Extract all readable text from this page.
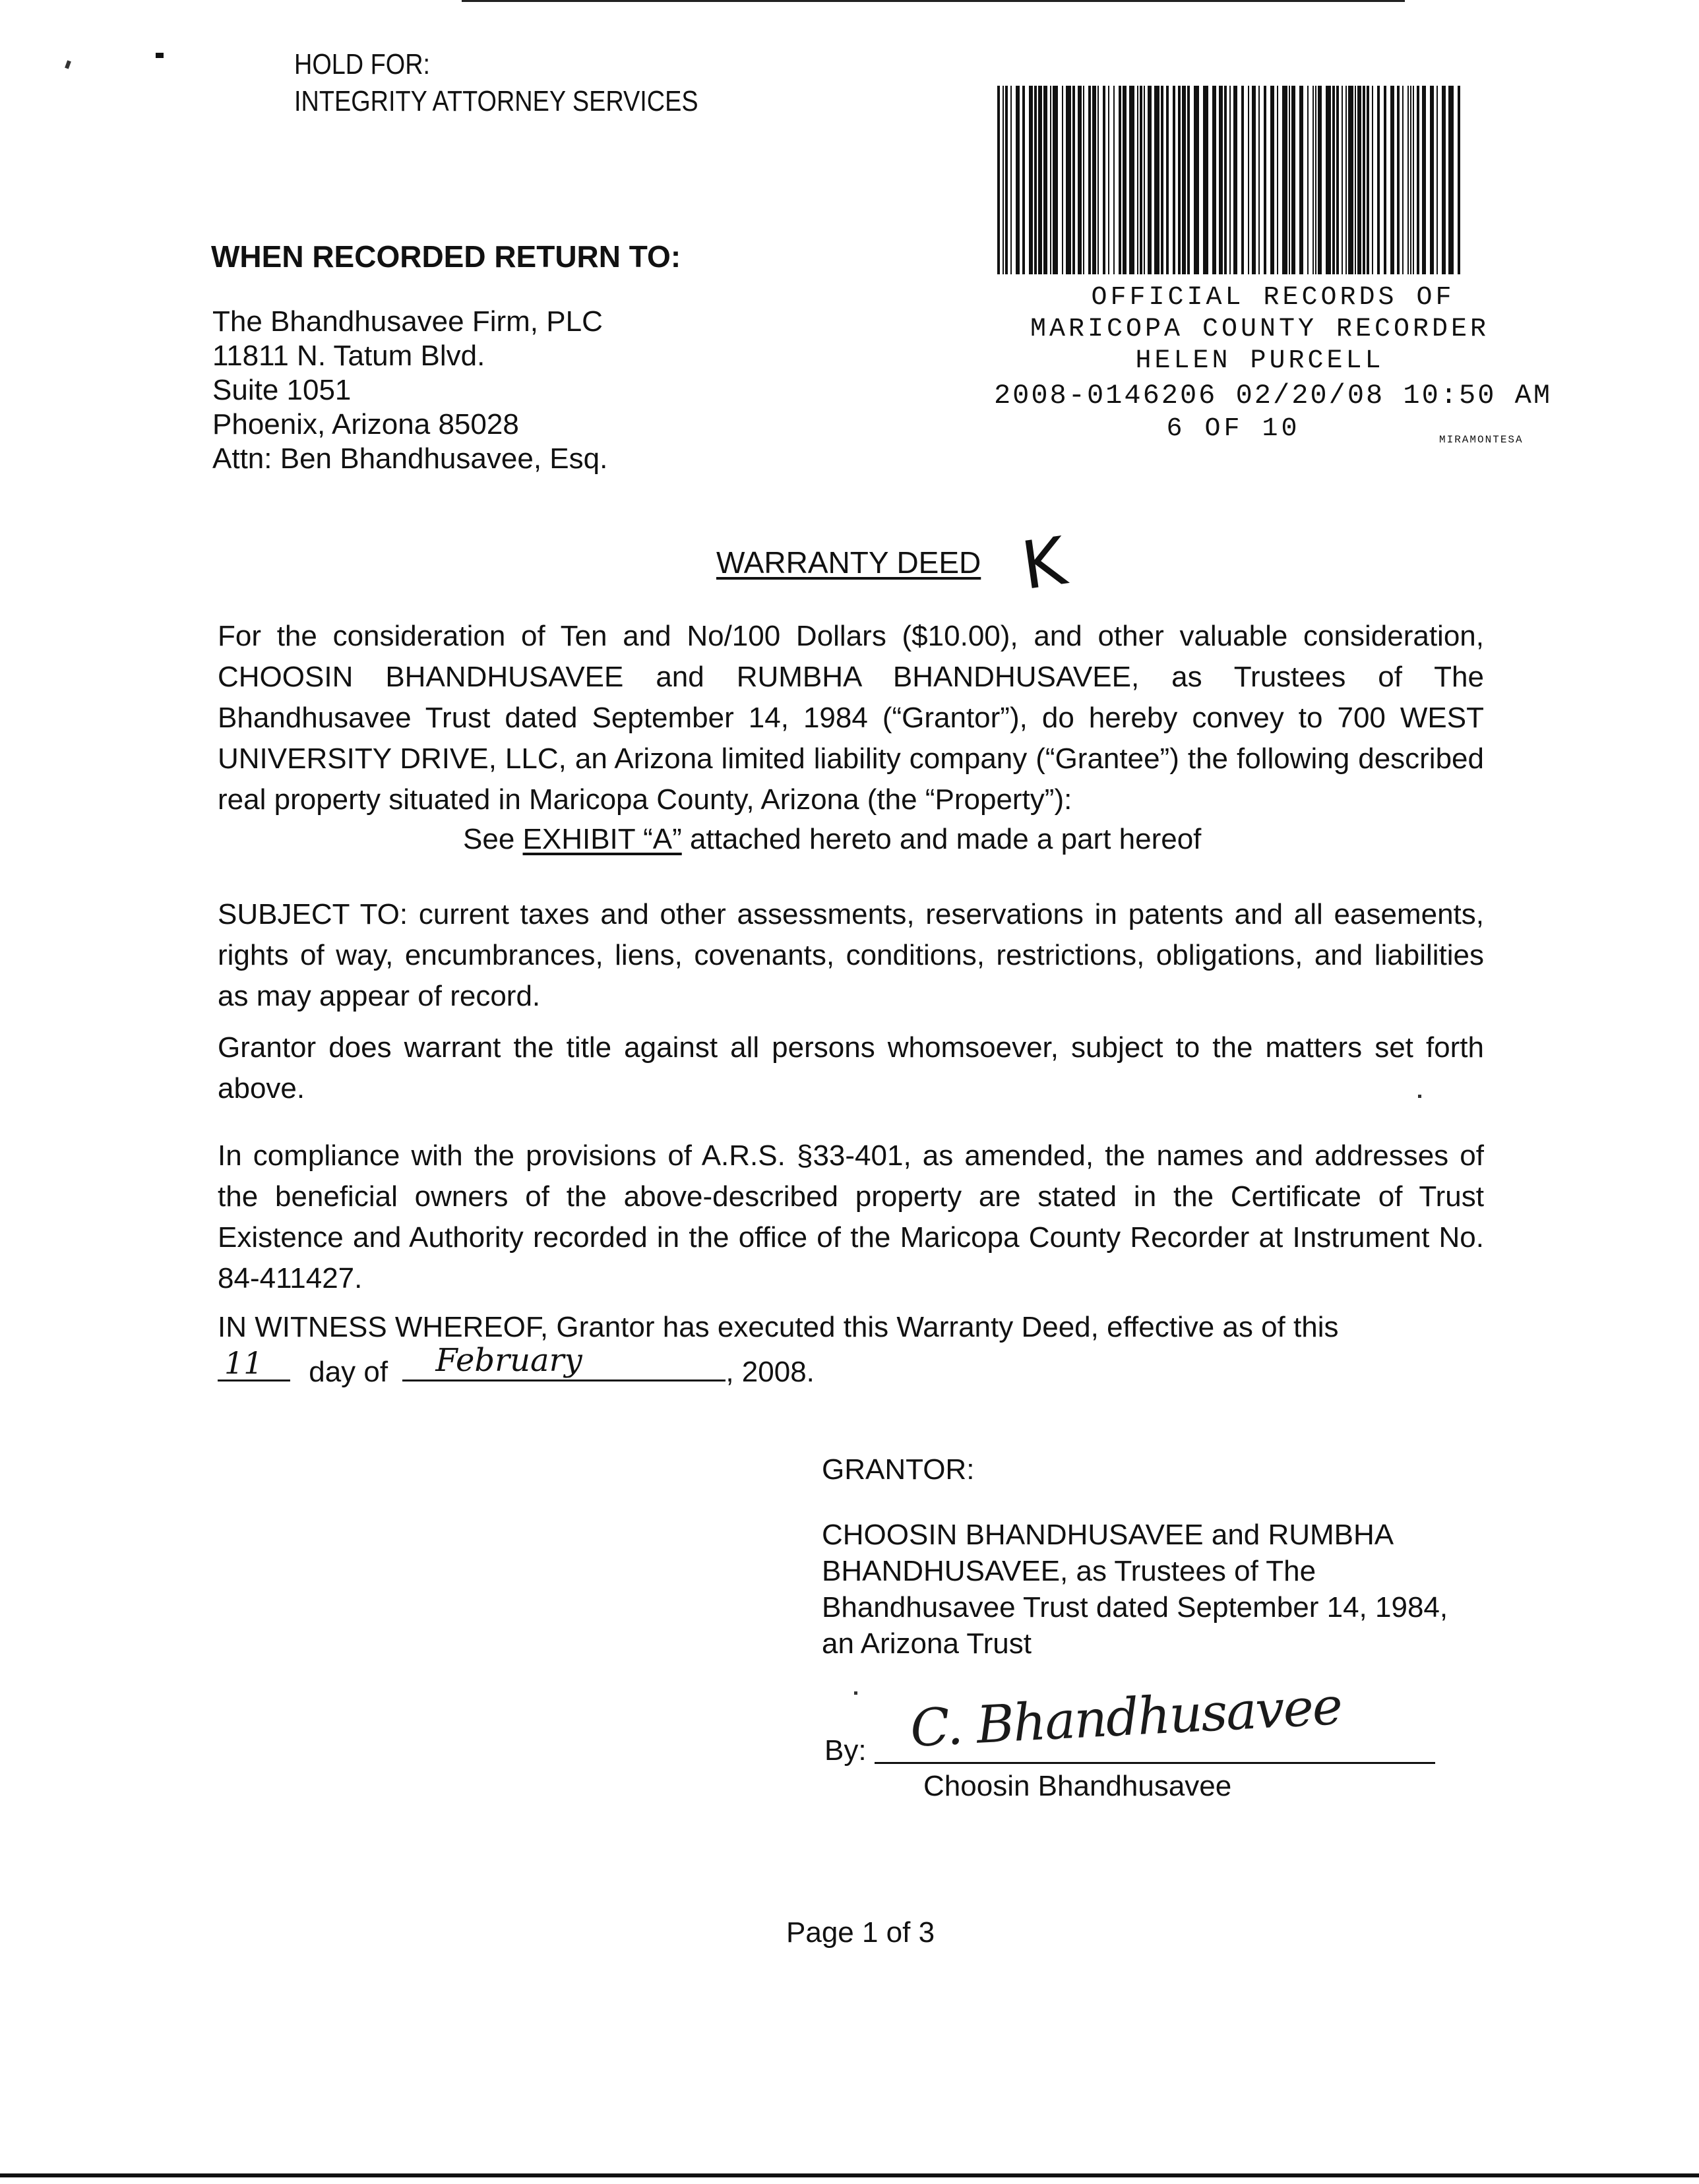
HOLD FOR:
INTEGRITY ATTORNEY SERVICES
WHEN RECORDED RETURN TO:
The Bhandhusavee Firm, PLC
11811 N. Tatum Blvd.
Suite 1051
Phoenix, Arizona 85028
Attn: Ben Bhandhusavee, Esq.
OFFICIAL RECORDS OF
MARICOPA COUNTY RECORDER
HELEN PURCELL
2008-0146206 02/20/08 10:50 AM
6 OF 10	MIRAMONTESA
WARRANTY DEED K
For the consideration of Ten and No/100 Dollars ($10.00), and other valuable consideration, CHOOSIN BHANDHUSAVEE and RUMBHA BHANDHUSAVEE, as Trustees of The Bhandhusavee Trust dated September 14, 1984 (“Grantor”), do hereby convey to 700 WEST UNIVERSITY DRIVE, LLC, an Arizona limited liability company (“Grantee”) the following described real property situated in Maricopa County, Arizona (the “Property”):
See EXHIBIT “A” attached hereto and made a part hereof
SUBJECT TO: current taxes and other assessments, reservations in patents and all easements, rights of way, encumbrances, liens, covenants, conditions, restrictions, obligations, and liabilities as may appear of record.
Grantor does warrant the title against all persons whomsoever, subject to the matters set forth above.
In compliance with the provisions of A.R.S. §33-401, as amended, the names and addresses of the beneficial owners of the above-described property are stated in the Certificate of Trust Existence and Authority recorded in the office of the Maricopa County Recorder at Instrument No. 84-411427.
IN WITNESS WHEREOF, Grantor has executed this Warranty Deed, effective as of this
11 day of February	, 2008.
GRANTOR:
CHOOSIN BHANDHUSAVEE and RUMBHA
BHANDHUSAVEE, as Trustees of The
Bhandhusavee Trust dated September 14, 1984,
an Arizona Trust
By: C. Bhandhusavee
Choosin Bhandhusavee
Page 1 of 3
